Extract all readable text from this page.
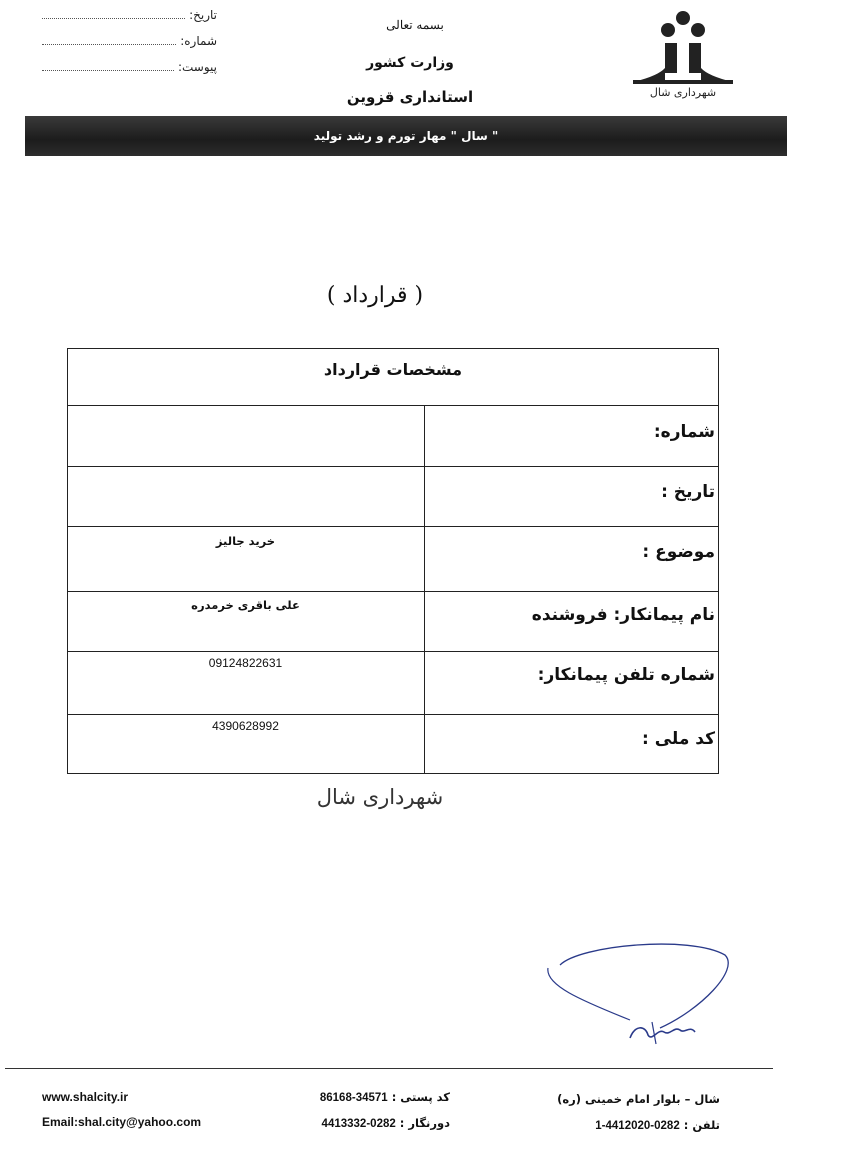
تاریخ:
شماره:
پیوست:
بسمه تعالی
وزارت کشور
استانداری قزوین	شهرداری شال
سال " مهار تورم و رشد تولید "
( قرارداد )
مشخصات قرارداد
شماره:
تاریخ :
موضوع :
خرید جالیز
نام پیمانکار: فروشنده
علی باقری خرمدره
شماره تلفن پیمانکار:
09124822631
کد ملی :
4390628992
شهرداری شال
www.shalcity.ir
Email:shal.city@yahoo.com
کد پستی : 34571-86168
دورنگار : 0282-4413332
شال – بلوار امام خمینی (ره)
تلفن : 0282-4412020-1
